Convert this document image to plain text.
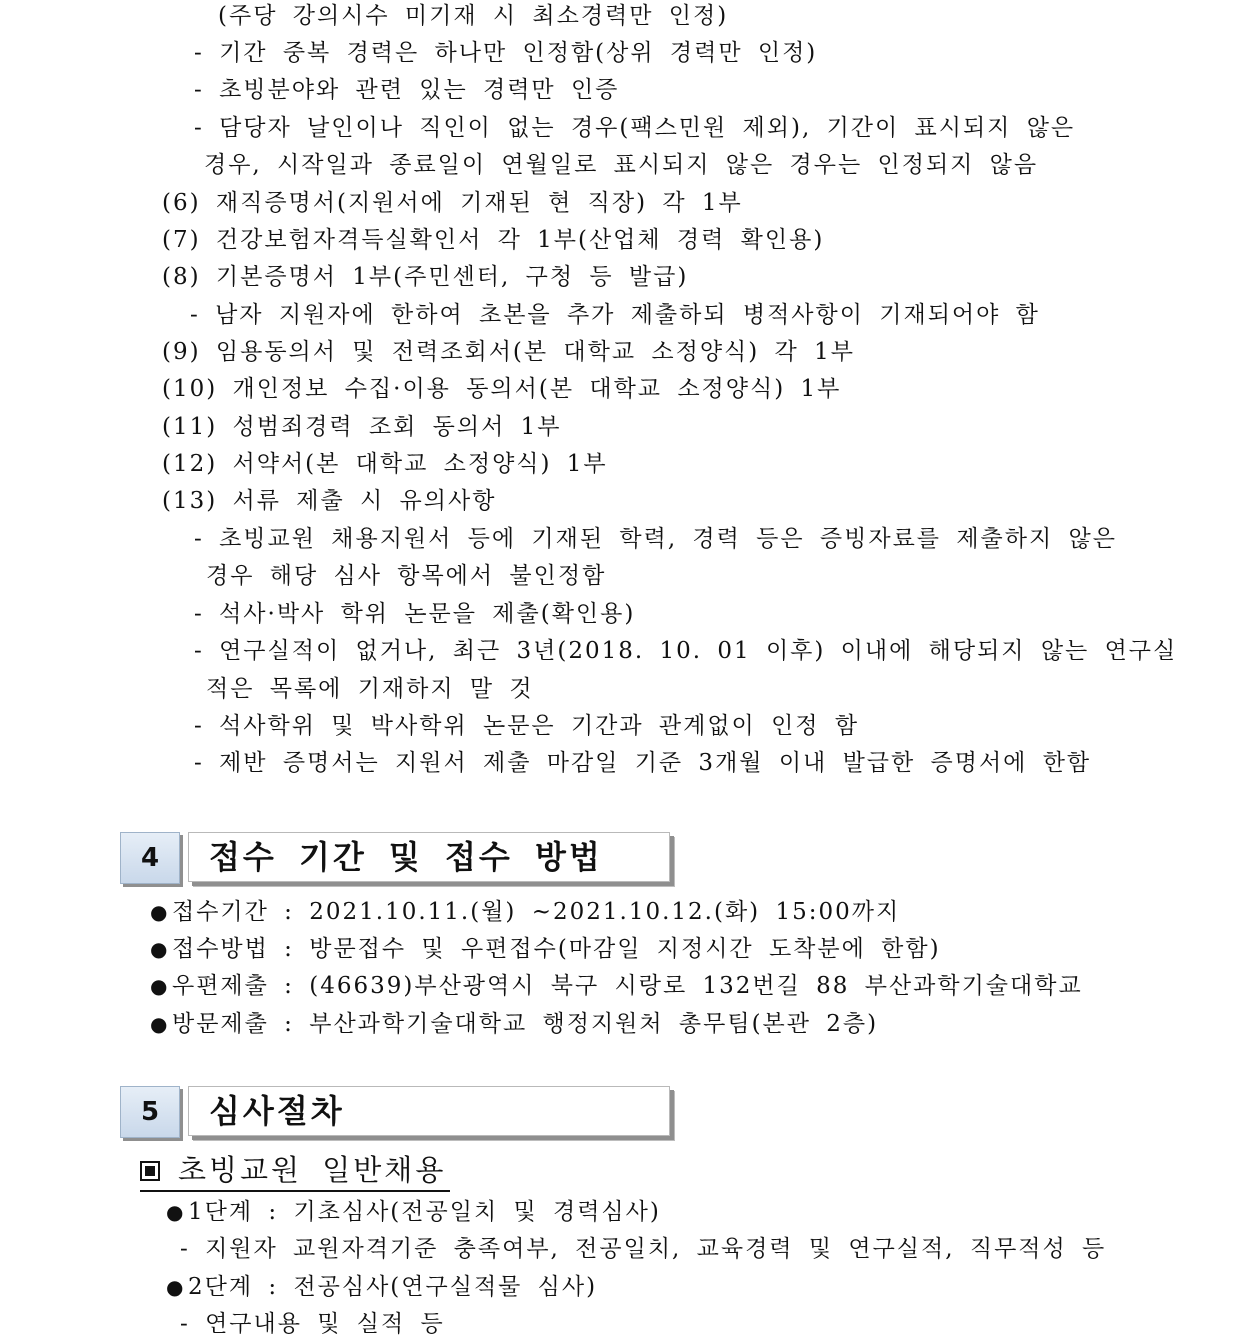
(주당 강의시수 미기재 시 최소경력만 인정)
- 기간 중복 경력은 하나만 인정함(상위 경력만 인정)
- 초빙분야와 관련 있는 경력만 인증
- 담당자 날인이나 직인이 없는 경우(팩스민원 제외), 기간이 표시되지 않은
경우, 시작일과 종료일이 연월일로 표시되지 않은 경우는 인정되지 않음
(6) 재직증명서(지원서에 기재된 현 직장) 각 1부
(7) 건강보험자격득실확인서 각 1부(산업체 경력 확인용)
(8) 기본증명서 1부(주민센터, 구청 등 발급)
- 남자 지원자에 한하여 초본을 추가 제출하되 병적사항이 기재되어야 함
(9) 임용동의서 및 전력조회서(본 대학교 소정양식) 각 1부
(10) 개인정보 수집·이용 동의서(본 대학교 소정양식) 1부
(11) 성범죄경력 조회 동의서 1부
(12) 서약서(본 대학교 소정양식) 1부
(13) 서류 제출 시 유의사항
- 초빙교원 채용지원서 등에 기재된 학력, 경력 등은 증빙자료를 제출하지 않은
경우 해당 심사 항목에서 불인정함
- 석사·박사 학위 논문을 제출(확인용)
- 연구실적이 없거나, 최근 3년(2018. 10. 01 이후) 이내에 해당되지 않는 연구실
적은 목록에 기재하지 말 것
- 석사학위 및 박사학위 논문은 기간과 관계없이 인정 함
- 제반 증명서는 지원서 제출 마감일 기준 3개월 이내 발급한 증명서에 한함
4	접수 기간 및 접수 방법
● 접수기간 : 2021.10.11.(월) ~2021.10.12.(화) 15:00까지
● 접수방법 : 방문접수 및 우편접수(마감일 지정시간 도착분에 한함)
● 우편제출 : (46639)부산광역시 북구 시랑로 132번길 88 부산과학기술대학교
● 방문제출 : 부산과학기술대학교 행정지원처 총무팀(본관 2층)
5	심사절차
초빙교원 일반채용
● 1단계 : 기초심사(전공일치 및 경력심사)
- 지원자 교원자격기준 충족여부, 전공일치, 교육경력 및 연구실적, 직무적성 등
● 2단계 : 전공심사(연구실적물 심사)
- 연구내용 및 실적 등
